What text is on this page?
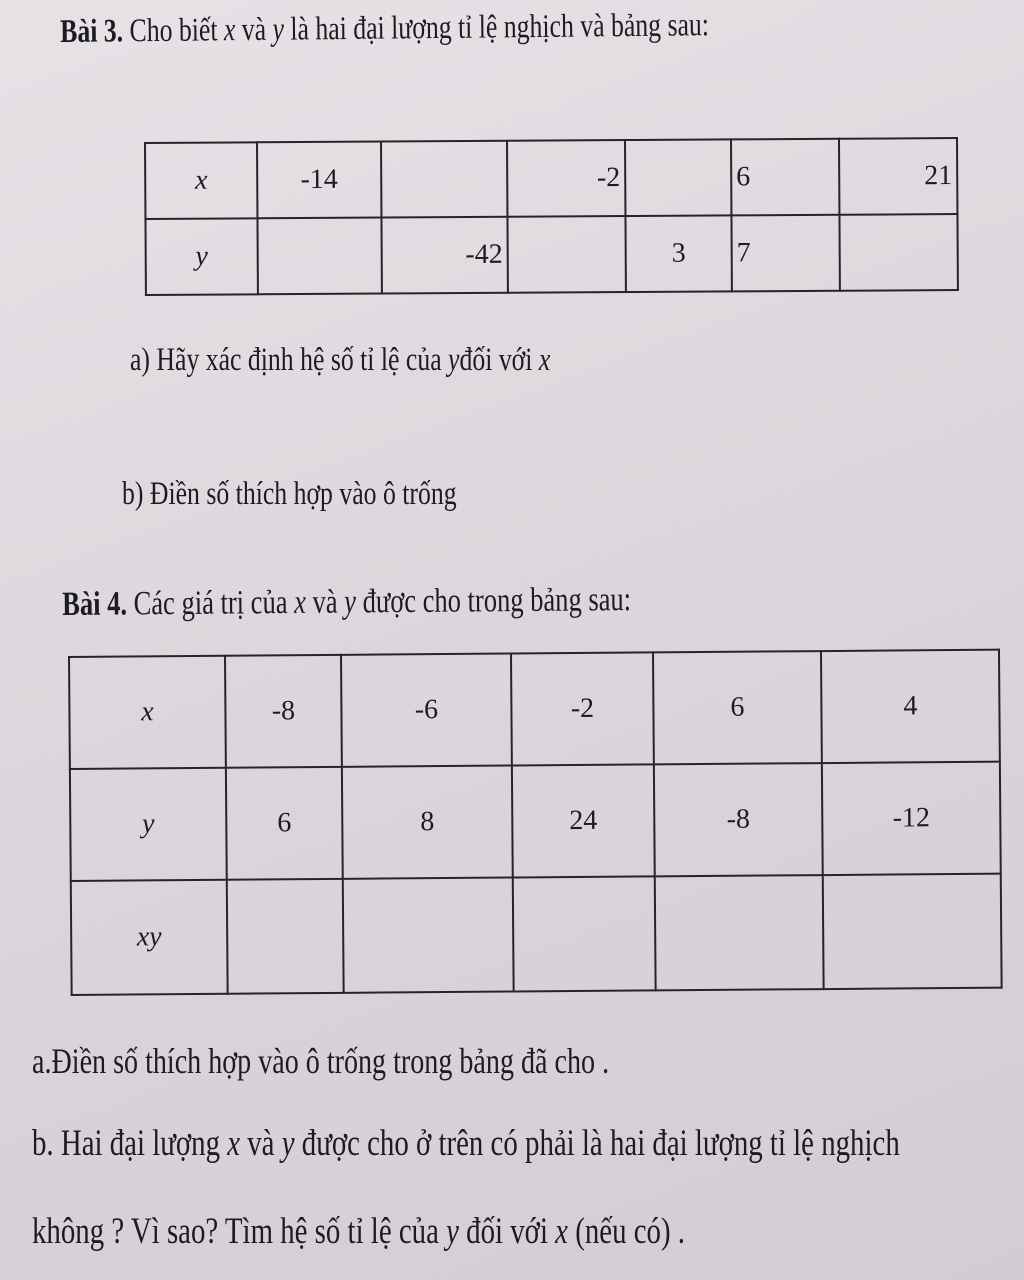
Bài 3. Cho biết x và y là hai đại lượng tỉ lệ nghịch và bảng sau:
x	-14		-2		6	21
y		-42		3	7	
a) Hãy xác định hệ số tỉ lệ của yđối với x
b) Điền số thích hợp vào ô trống
Bài 4. Các giá trị của x và y được cho trong bảng sau:
x	-8	-6	-2	6	4
y	6	8	24	-8	-12
xy					
a.Điền số thích hợp vào ô trống trong bảng đã cho .
b. Hai đại lượng x và y được cho ở trên có phải là hai đại lượng tỉ lệ nghịch
không ? Vì sao? Tìm hệ số tỉ lệ của y đối với x (nếu có) .
